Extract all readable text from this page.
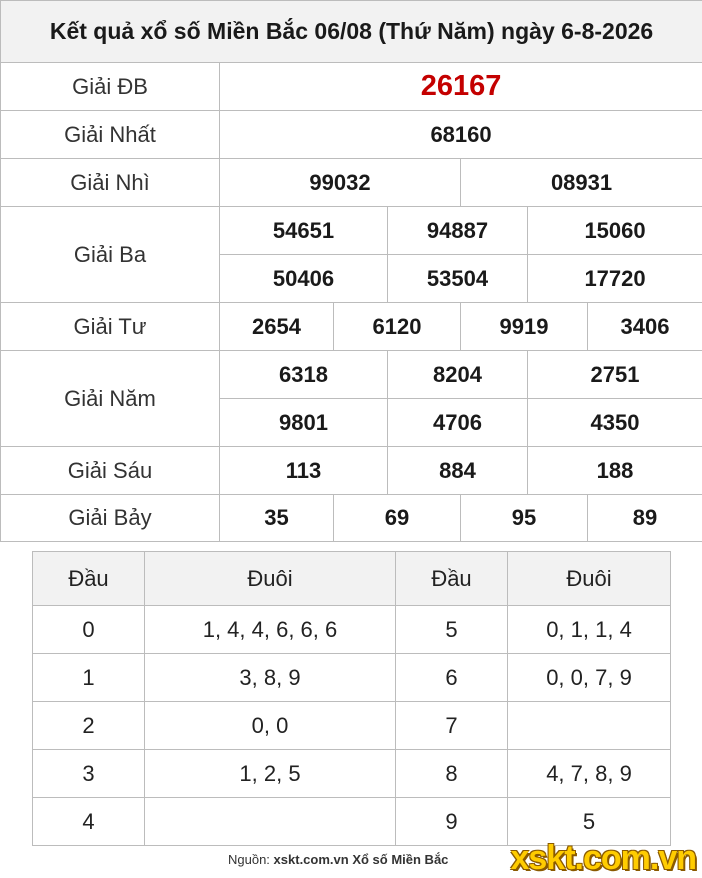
Kết quả xổ số Miền Bắc 06/08 (Thứ Năm) ngày 6-8-2026						
Giải ĐB	26167					
Giải Nhất	68160					
Giải Nhì	99032			08931		
Giải Ba	54651		94887		15060	
	50406		53504		17720	
Giải Tư	2654	6120		9919		3406
Giải Năm	6318		8204		2751	
	9801		4706		4350	
Giải Sáu	113		884		188	
Giải Bảy	35	69		95		89
Đầu	Đuôi	Đầu	Đuôi
0	1, 4, 4, 6, 6, 6	5	0, 1, 1, 4
1	3, 8, 9	6	0, 0, 7, 9
2	0, 0	7	
3	1, 2, 5	8	4, 7, 8, 9
4		9	5
Nguồn: xskt.com.vn Xổ số Miền Bắc xskt.com.vn
